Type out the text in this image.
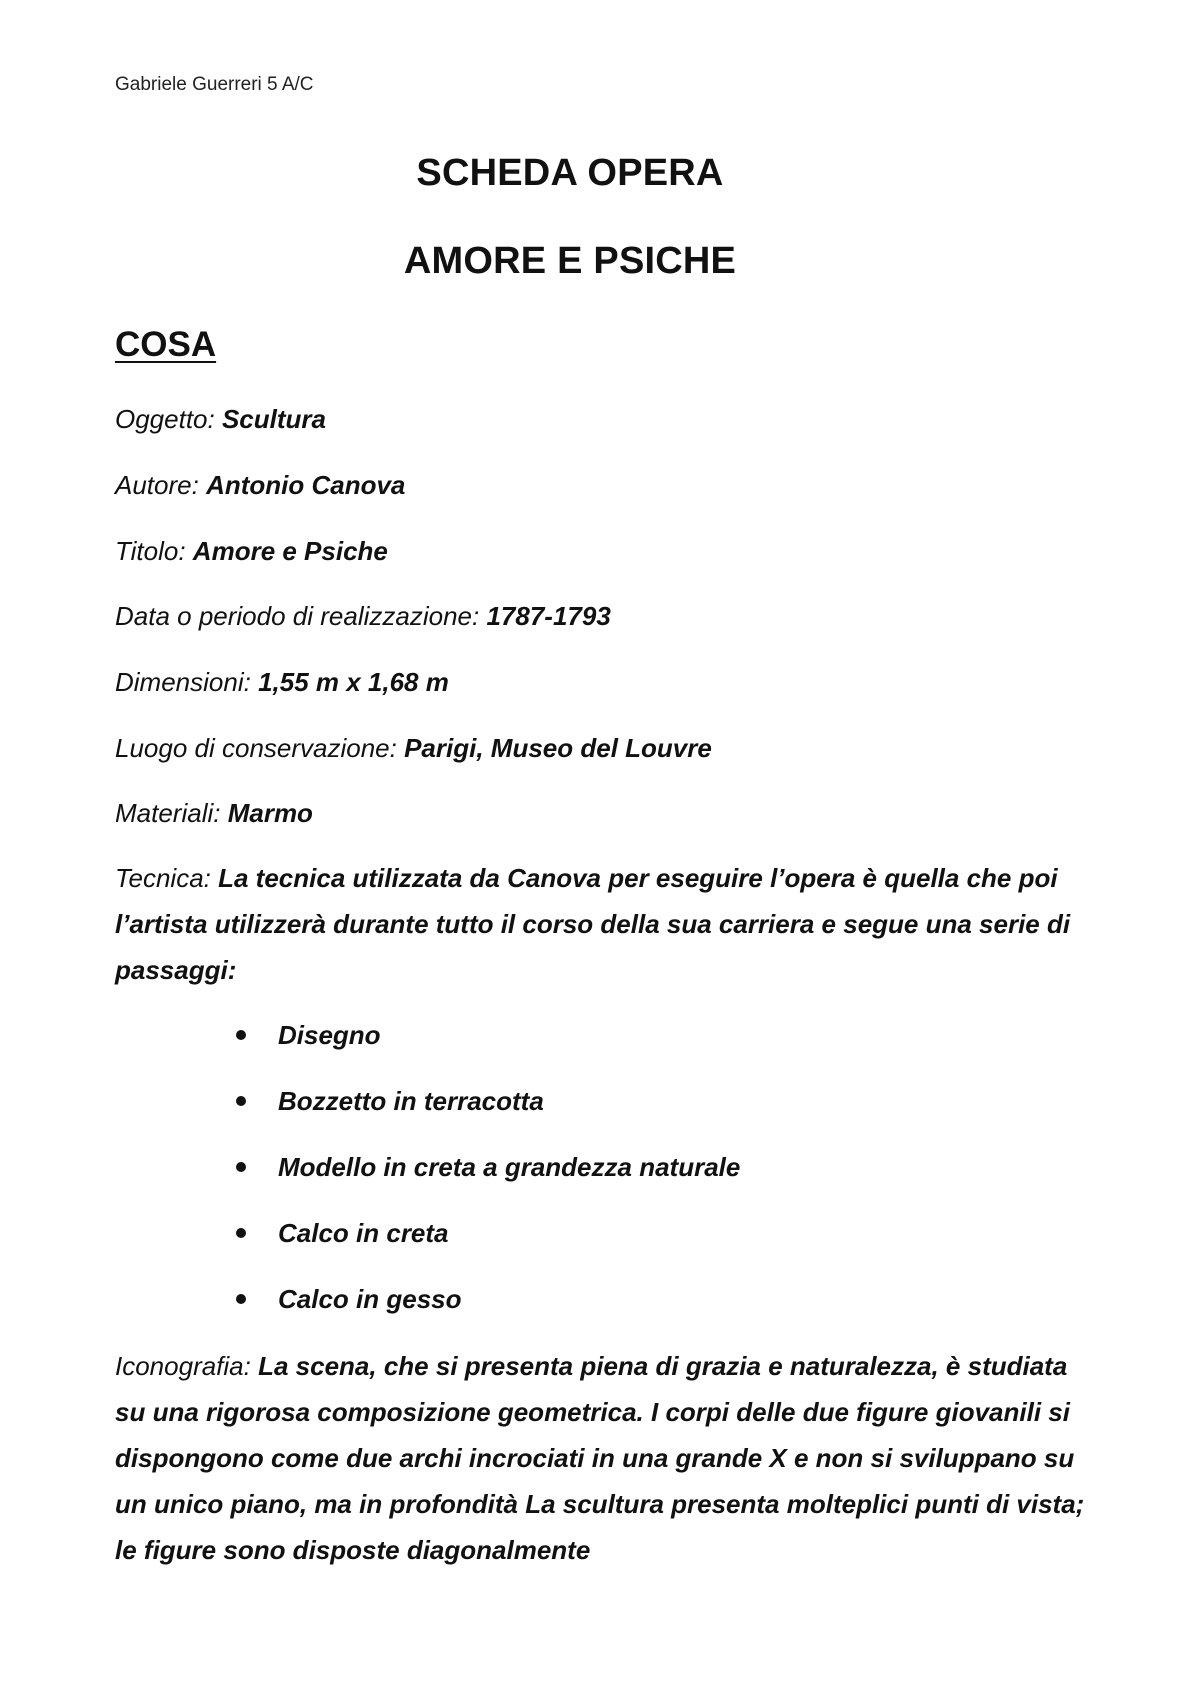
Gabriele Guerreri 5 A/C
SCHEDA OPERA
AMORE E PSICHE
COSA
Oggetto: Scultura
Autore: Antonio Canova
Titolo: Amore e Psiche
Data o periodo di realizzazione: 1787-1793
Dimensioni: 1,55 m x 1,68 m
Luogo di conservazione: Parigi, Museo del Louvre
Materiali: Marmo
Tecnica: La tecnica utilizzata da Canova per eseguire l’opera è quella che poi l’artista utilizzerà durante tutto il corso della sua carriera e segue una serie di passaggi:
Disegno
Bozzetto in terracotta
Modello in creta a grandezza naturale
Calco in creta
Calco in gesso
Iconografia: La scena, che si presenta piena di grazia e naturalezza, è studiata su una rigorosa composizione geometrica. I corpi delle due figure giovanili si dispongono come due archi incrociati in una grande X e non si sviluppano su un unico piano, ma in profondità La scultura presenta molteplici punti di vista; le figure sono disposte diagonalmente
